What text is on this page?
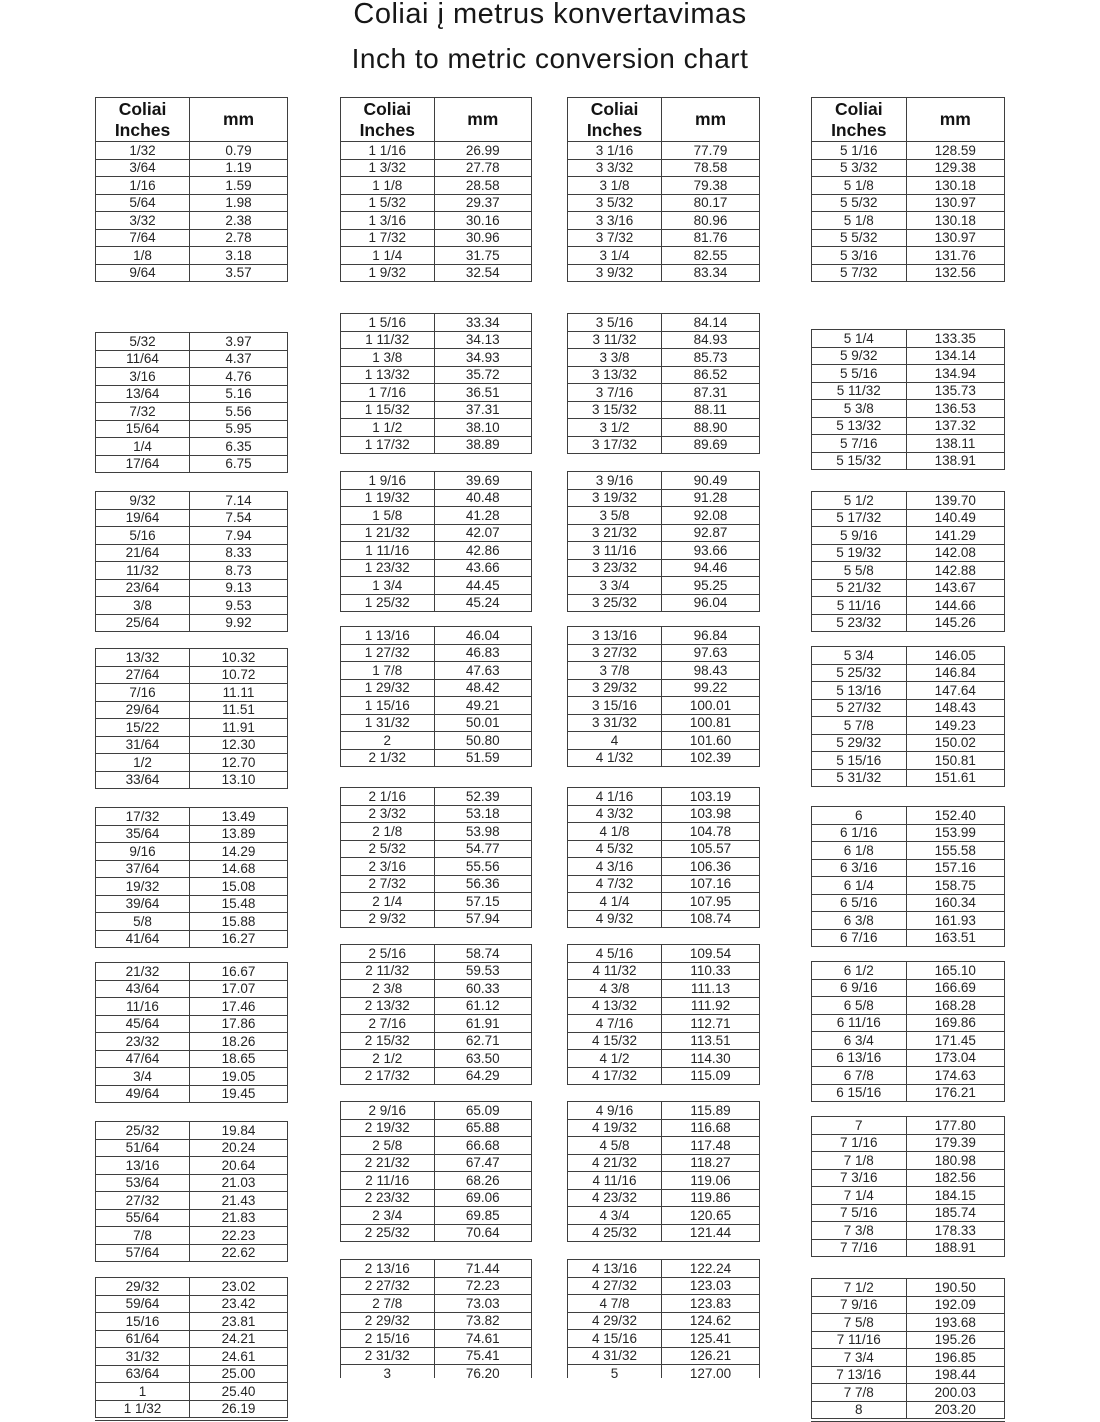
Coliai į metrus konvertavimas
Inch to metric conversion chart
Coliai
Inches	mm
1/32	0.79
3/64	1.19
1/16	1.59
5/64	1.98
3/32	2.38
7/64	2.78
1/8	3.18
9/64	3.57
5/32	3.97
11/64	4.37
3/16	4.76
13/64	5.16
7/32	5.56
15/64	5.95
1/4	6.35
17/64	6.75
9/32	7.14
19/64	7.54
5/16	7.94
21/64	8.33
11/32	8.73
23/64	9.13
3/8	9.53
25/64	9.92
13/32	10.32
27/64	10.72
7/16	11.11
29/64	11.51
15/22	11.91
31/64	12.30
1/2	12.70
33/64	13.10
17/32	13.49
35/64	13.89
9/16	14.29
37/64	14.68
19/32	15.08
39/64	15.48
5/8	15.88
41/64	16.27
21/32	16.67
43/64	17.07
11/16	17.46
45/64	17.86
23/32	18.26
47/64	18.65
3/4	19.05
49/64	19.45
25/32	19.84
51/64	20.24
13/16	20.64
53/64	21.03
27/32	21.43
55/64	21.83
7/8	22.23
57/64	22.62
29/32	23.02
59/64	23.42
15/16	23.81
61/64	24.21
31/32	24.61
63/64	25.00
1	25.40
1 1/32	26.19
Coliai
Inches	mm
1 1/16	26.99
1 3/32	27.78
1 1/8	28.58
1 5/32	29.37
1 3/16	30.16
1 7/32	30.96
1 1/4	31.75
1 9/32	32.54
1 5/16	33.34
1 11/32	34.13
1 3/8	34.93
1 13/32	35.72
1 7/16	36.51
1 15/32	37.31
1 1/2	38.10
1 17/32	38.89
1 9/16	39.69
1 19/32	40.48
1 5/8	41.28
1 21/32	42.07
1 11/16	42.86
1 23/32	43.66
1 3/4	44.45
1 25/32	45.24
1 13/16	46.04
1 27/32	46.83
1 7/8	47.63
1 29/32	48.42
1 15/16	49.21
1 31/32	50.01
2	50.80
2 1/32	51.59
2 1/16	52.39
2 3/32	53.18
2 1/8	53.98
2 5/32	54.77
2 3/16	55.56
2 7/32	56.36
2 1/4	57.15
2 9/32	57.94
2 5/16	58.74
2 11/32	59.53
2 3/8	60.33
2 13/32	61.12
2 7/16	61.91
2 15/32	62.71
2 1/2	63.50
2 17/32	64.29
2 9/16	65.09
2 19/32	65.88
2 5/8	66.68
2 21/32	67.47
2 11/16	68.26
2 23/32	69.06
2 3/4	69.85
2 25/32	70.64
2 13/16	71.44
2 27/32	72.23
2 7/8	73.03
2 29/32	73.82
2 15/16	74.61
2 31/32	75.41
3	76.20
Coliai
Inches	mm
3 1/16	77.79
3 3/32	78.58
3 1/8	79.38
3 5/32	80.17
3 3/16	80.96
3 7/32	81.76
3 1/4	82.55
3 9/32	83.34
3 5/16	84.14
3 11/32	84.93
3 3/8	85.73
3 13/32	86.52
3 7/16	87.31
3 15/32	88.11
3 1/2	88.90
3 17/32	89.69
3 9/16	90.49
3 19/32	91.28
3 5/8	92.08
3 21/32	92.87
3 11/16	93.66
3 23/32	94.46
3 3/4	95.25
3 25/32	96.04
3 13/16	96.84
3 27/32	97.63
3 7/8	98.43
3 29/32	99.22
3 15/16	100.01
3 31/32	100.81
4	101.60
4 1/32	102.39
4 1/16	103.19
4 3/32	103.98
4 1/8	104.78
4 5/32	105.57
4 3/16	106.36
4 7/32	107.16
4 1/4	107.95
4 9/32	108.74
4 5/16	109.54
4 11/32	110.33
4 3/8	111.13
4 13/32	111.92
4 7/16	112.71
4 15/32	113.51
4 1/2	114.30
4 17/32	115.09
4 9/16	115.89
4 19/32	116.68
4 5/8	117.48
4 21/32	118.27
4 11/16	119.06
4 23/32	119.86
4 3/4	120.65
4 25/32	121.44
4 13/16	122.24
4 27/32	123.03
4 7/8	123.83
4 29/32	124.62
4 15/16	125.41
4 31/32	126.21
5	127.00
Coliai
Inches	mm
5 1/16	128.59
5 3/32	129.38
5 1/8	130.18
5 5/32	130.97
5 1/8	130.18
5 5/32	130.97
5 3/16	131.76
5 7/32	132.56
5 1/4	133.35
5 9/32	134.14
5 5/16	134.94
5 11/32	135.73
5 3/8	136.53
5 13/32	137.32
5 7/16	138.11
5 15/32	138.91
5 1/2	139.70
5 17/32	140.49
5 9/16	141.29
5 19/32	142.08
5 5/8	142.88
5 21/32	143.67
5 11/16	144.66
5 23/32	145.26
5 3/4	146.05
5 25/32	146.84
5 13/16	147.64
5 27/32	148.43
5 7/8	149.23
5 29/32	150.02
5 15/16	150.81
5 31/32	151.61
6	152.40
6 1/16	153.99
6 1/8	155.58
6 3/16	157.16
6 1/4	158.75
6 5/16	160.34
6 3/8	161.93
6 7/16	163.51
6 1/2	165.10
6 9/16	166.69
6 5/8	168.28
6 11/16	169.86
6 3/4	171.45
6 13/16	173.04
6 7/8	174.63
6 15/16	176.21
7	177.80
7 1/16	179.39
7 1/8	180.98
7 3/16	182.56
7 1/4	184.15
7 5/16	185.74
7 3/8	178.33
7 7/16	188.91
7 1/2	190.50
7 9/16	192.09
7 5/8	193.68
7 11/16	195.26
7 3/4	196.85
7 13/16	198.44
7 7/8	200.03
8	203.20
